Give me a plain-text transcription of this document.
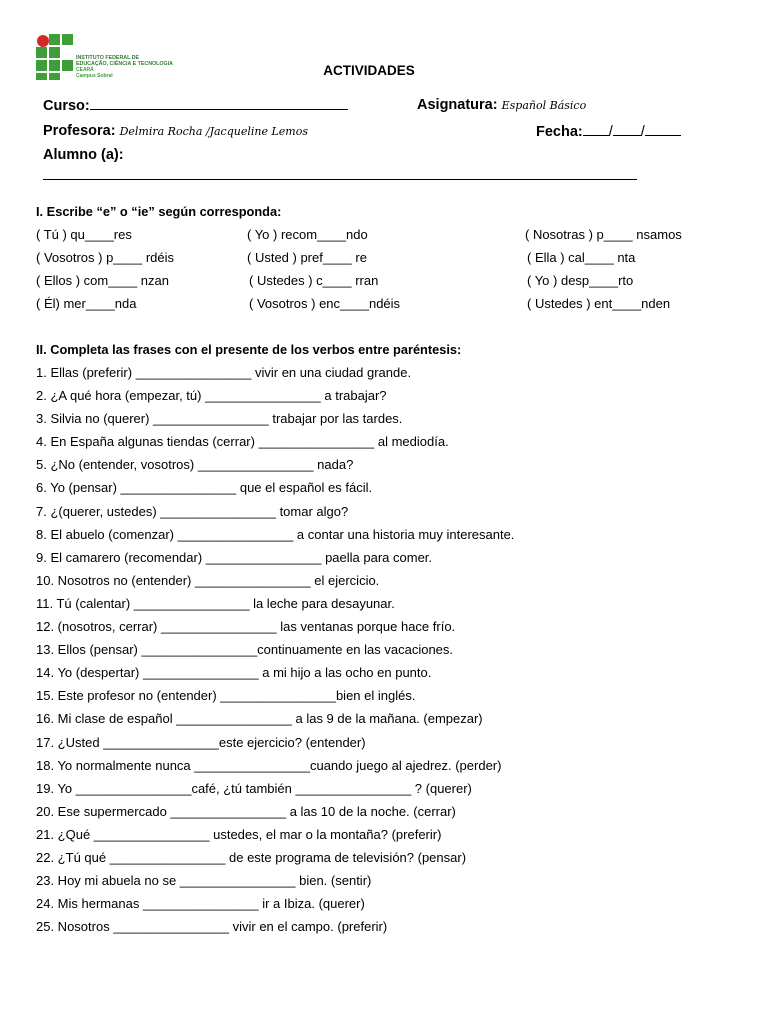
INSTITUTO FEDERAL DE
EDUCAÇÃO, CIÊNCIA E TECNOLOGIA
CEARÁ
Campus Sobral	ACTIVIDADES
Curso:	Asignatura: Español Básico
Profesora: Delmira Rocha /Jacqueline Lemos	Fecha: / /
Alumno (a):
I. Escribe “e” o “ie” según corresponda:
( Tú ) qu____res	( Yo ) recom____ndo	( Nosotras ) p____ nsamos
( Vosotros ) p____ rdéis	( Usted ) pref____ re	( Ella ) cal____ nta
( Ellos ) com____ nzan	( Ustedes ) c____ rran	( Yo ) desp____rto
( Él) mer____nda	( Vosotros ) enc____ndéis	( Ustedes ) ent____nden
II. Completa las frases con el presente de los verbos entre paréntesis:
1. Ellas (preferir) ________________ vivir en una ciudad grande.
2. ¿A qué hora (empezar, tú) ________________ a trabajar?
3. Silvia no (querer) ________________ trabajar por las tardes.
4. En España algunas tiendas (cerrar) ________________ al mediodía.
5. ¿No (entender, vosotros) ________________ nada?
6. Yo (pensar) ________________ que el español es fácil.
7. ¿(querer, ustedes) ________________ tomar algo?
8. El abuelo (comenzar) ________________ a contar una historia muy interesante.
9. El camarero (recomendar) ________________ paella para comer.
10. Nosotros no (entender) ________________ el ejercicio.
11. Tú (calentar) ________________ la leche para desayunar.
12. (nosotros, cerrar) ________________ las ventanas porque hace frío.
13. Ellos (pensar) ________________continuamente en las vacaciones.
14. Yo (despertar) ________________ a mi hijo a las ocho en punto.
15. Este profesor no (entender) ________________bien el inglés.
16. Mi clase de español ________________ a las 9 de la mañana. (empezar)
17. ¿Usted ________________este ejercicio? (entender)
18. Yo normalmente nunca ________________cuando juego al ajedrez. (perder)
19. Yo ________________café, ¿tú también ________________ ? (querer)
20. Ese supermercado ________________ a las 10 de la noche. (cerrar)
21. ¿Qué ________________ ustedes, el mar o la montaña? (preferir)
22. ¿Tú qué ________________ de este programa de televisión? (pensar)
23. Hoy mi abuela no se ________________ bien. (sentir)
24. Mis hermanas ________________ ir a Ibiza. (querer)
25. Nosotros ________________ vivir en el campo. (preferir)
